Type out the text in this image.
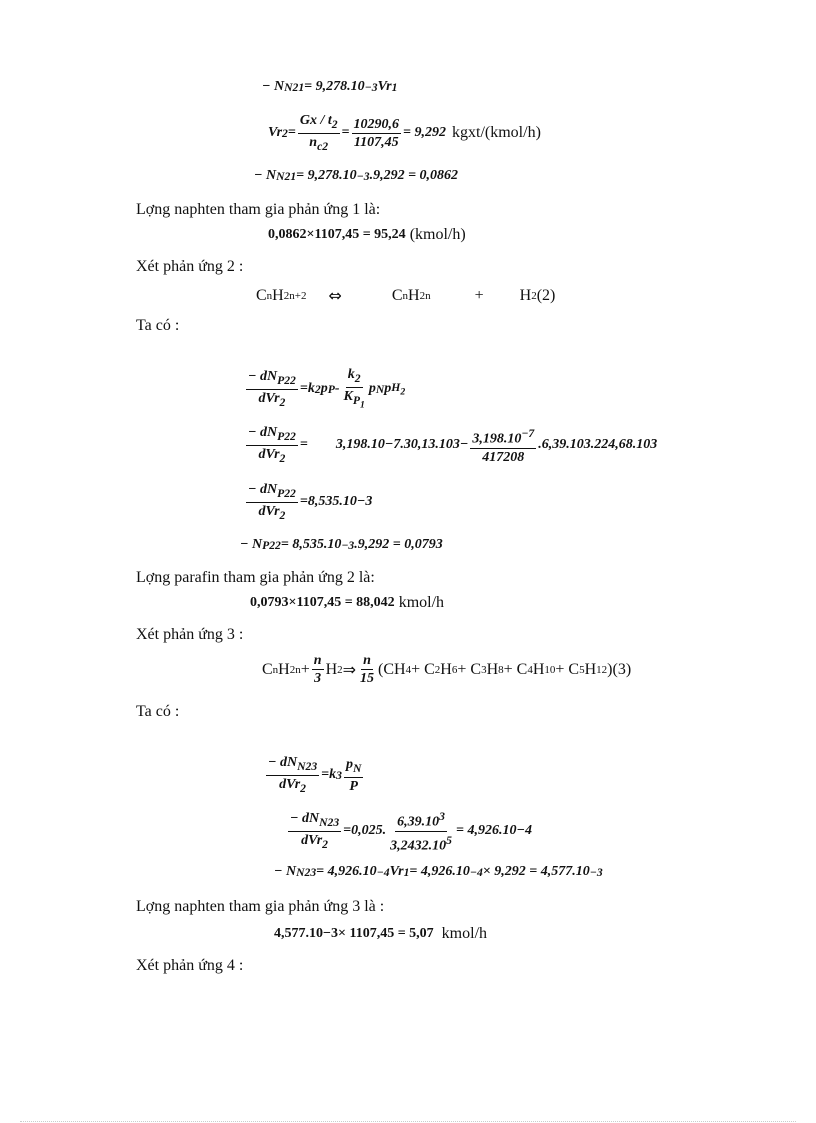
− N N21 = 9,278.10 −3 Vr 1
Vr $2 = \frac{Gx / t_2}{n_{c2}} = \frac{10290,6}{1107,45} = 9,292$ kgxt/(kmol/h)
− N N21 = 9,278.10 −3 .9,292 = 0,0862
Lợng naphten tham gia phản ứng 1 là:
0,0862×1107,45 = 95,24 (kmol/h)
Xét phản ứng 2 :
C n H 2n+2 ⇔	C n H 2n	+ H 2 (2)
Ta có :
$\frac{- dN_{P22}}{dVr_2} = k$ 2 p P - $\frac{k_2}{K_{P_1}}$ p N p $H_2$
$\frac{- dN_{P22}}{dVr_2} = 3,198.10 -7$ .30,13.10 $3 - \frac{3,198.10^{-7}}{417208} .6,39.10$ 3 .224,68.10 3
$\frac{- dN_{P22}}{dVr_2} = 8,535.10 -3$
− N P22 = 8,535.10 −3 .9,292 = 0,0793
Lợng parafin tham gia phản ứng 2 là:
0,0793×1107,45 = 88,042 kmol/h
Xét phản ứng 3 :
C n H $2n + \frac{n}{3}$ H 2 ⇒ $\frac{n}{15} (CH$ 4 + C 2 H 6 + C 3 H 8 + C 4 H 10 + C 5 H 12 )(3)
Ta có :
$\frac{- dN_{N23}}{dVr_2} = k$ $3 \frac{p_N}{P}$
$\frac{- dN_{N23}}{dVr_2} = 0,025$. $\frac{6,39.10^3}{3,2432.10^5} = 4,926.10 -4$
− N N23 = 4,926.10 −4 Vr 1 = 4,926.10 −4 × 9,292 = 4,577.10 −3
Lợng naphten tham gia phản ứng 3 là :
4,577.10 −3 × 1107,45 = 5,07 kmol/h
Xét phản ứng 4 :
